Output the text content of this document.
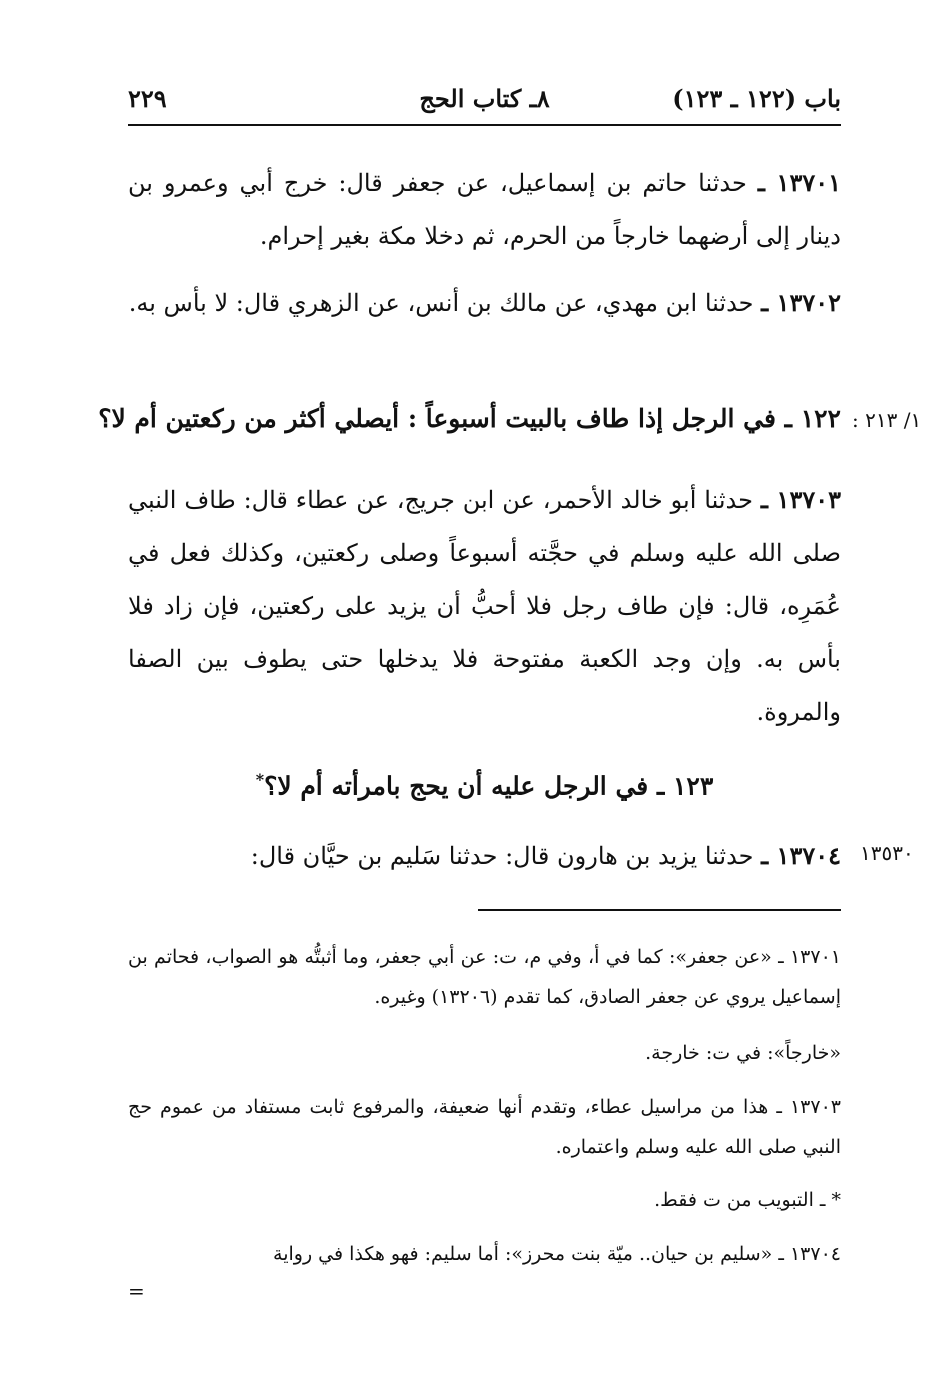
باب (١٢٢ ـ ١٢٣)
٨ـ كتاب الحج
٢٢٩
١٣٧٠١ ـ حدثنا حاتم بن إسماعيل، عن جعفر قال: خرج أبي وعمرو بن دينار إلى أرضهما خارجاً من الحرم، ثم دخلا مكة بغير إحرام.
١٣٧٠٢ ـ حدثنا ابن مهدي، عن مالك بن أنس، عن الزهري قال: لا بأس به.
١/ ٢١٣ :
١٢٢ ـ في الرجل إذا طاف بالبيت أسبوعاً : أيصلي أكثر من ركعتين أم لا؟
١٣٧٠٣ ـ حدثنا أبو خالد الأحمر، عن ابن جريج، عن عطاء قال: طاف النبي صلى الله عليه وسلم في حجَّته أسبوعاً وصلى ركعتين، وكذلك فعل في عُمَرِه، قال: فإن طاف رجل فلا أحبُّ أن يزيد على ركعتين، فإن زاد فلا بأس به. وإن وجد الكعبة مفتوحة فلا يدخلها حتى يطوف بين الصفا والمروة.
١٢٣ ـ في الرجل عليه أن يحج بامرأته أم لا؟*
١٣٥٣٠
١٣٧٠٤ ـ حدثنا يزيد بن هارون قال: حدثنا سَليم بن حيَّان قال:
١٣٧٠١ ـ «عن جعفر»: كما في أ، وفي م، ت: عن أبي جعفر، وما أثبتُّه هو الصواب، فحاتم بن إسماعيل يروي عن جعفر الصادق، كما تقدم (١٣٢٠٦) وغيره.
«خارجاً»: في ت: خارجة.
١٣٧٠٣ ـ هذا من مراسيل عطاء، وتقدم أنها ضعيفة، والمرفوع ثابت مستفاد من عموم حج النبي صلى الله عليه وسلم واعتماره.
* ـ التبويب من ت فقط.
١٣٧٠٤ ـ «سليم بن حيان.. ميّة بنت محرز»: أما سليم: فهو هكذا في رواية
=
